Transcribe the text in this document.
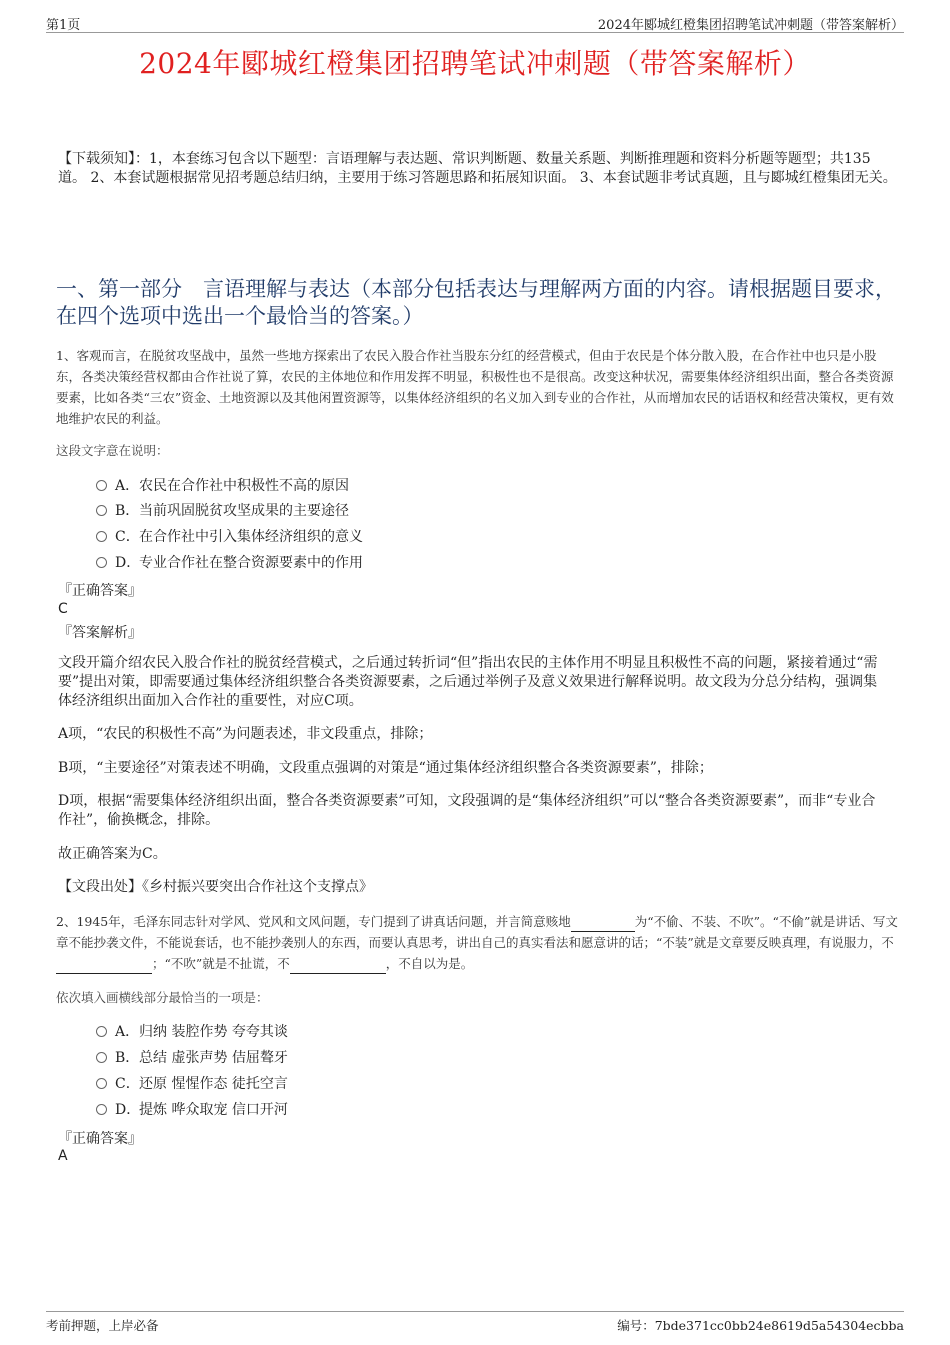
第1页	2024年郾城红橙集团招聘笔试冲刺题（带答案解析）
2024年郾城红橙集团招聘笔试冲刺题（带答案解析）
【下载须知】：1，本套练习包含以下题型：言语理解与表达题、常识判断题、数量关系题、判断推理题和资料分析题等题型；共135道。 2、本套试题根据常见招考题总结归纳，主要用于练习答题思路和拓展知识面。 3、本套试题非考试真题，且与郾城红橙集团无关。
一、第一部分　言语理解与表达（本部分包括表达与理解两方面的内容。请根据题目要求，在四个选项中选出一个最恰当的答案。）
1、客观而言，在脱贫攻坚战中，虽然一些地方探索出了农民入股合作社当股东分红的经营模式，但由于农民是个体分散入股，在合作社中也只是小股东，各类决策经营权都由合作社说了算，农民的主体地位和作用发挥不明显，积极性也不是很高。改变这种状况，需要集体经济组织出面，整合各类资源要素，比如各类“三农”资金、土地资源以及其他闲置资源等，以集体经济组织的名义加入到专业的合作社，从而增加农民的话语权和经营决策权，更有效地维护农民的利益。
这段文字意在说明：
A．农民在合作社中积极性不高的原因
B．当前巩固脱贫攻坚成果的主要途径
C．在合作社中引入集体经济组织的意义
D．专业合作社在整合资源要素中的作用
『正确答案』
C
『答案解析』
文段开篇介绍农民入股合作社的脱贫经营模式，之后通过转折词“但”指出农民的主体作用不明显且积极性不高的问题，紧接着通过“需要”提出对策，即需要通过集体经济组织整合各类资源要素，之后通过举例子及意义效果进行解释说明。故文段为分总分结构，强调集体经济组织出面加入合作社的重要性，对应C项。
A项，“农民的积极性不高”为问题表述，非文段重点，排除；
B项，“主要途径”对策表述不明确，文段重点强调的对策是“通过集体经济组织整合各类资源要素”，排除；
D项，根据“需要集体经济组织出面，整合各类资源要素”可知，文段强调的是“集体经济组织”可以“整合各类资源要素”，而非“专业合作社”，偷换概念，排除。
故正确答案为C。
【文段出处】《乡村振兴要突出合作社这个支撑点》
2、1945年，毛泽东同志针对学风、党风和文风问题，专门提到了讲真话问题，并言简意赅地	为“不偷、不装、不吹”。“不偷”就是讲话、写文章不能抄袭文件，不能说套话，也不能抄袭别人的东西，而要认真思考，讲出自己的真实看法和愿意讲的话；“不装”就是文章要反映真理，有说服力，不；“不吹”就是不扯谎，不	，不自以为是。
依次填入画横线部分最恰当的一项是：
A．归纳 装腔作势 夸夸其谈
B．总结 虚张声势 佶屈聱牙
C．还原 惺惺作态 徒托空言
D．提炼 哗众取宠 信口开河
『正确答案』
A
考前押题，上岸必备	编号：7bde371cc0bb24e8619d5a54304ecbba
